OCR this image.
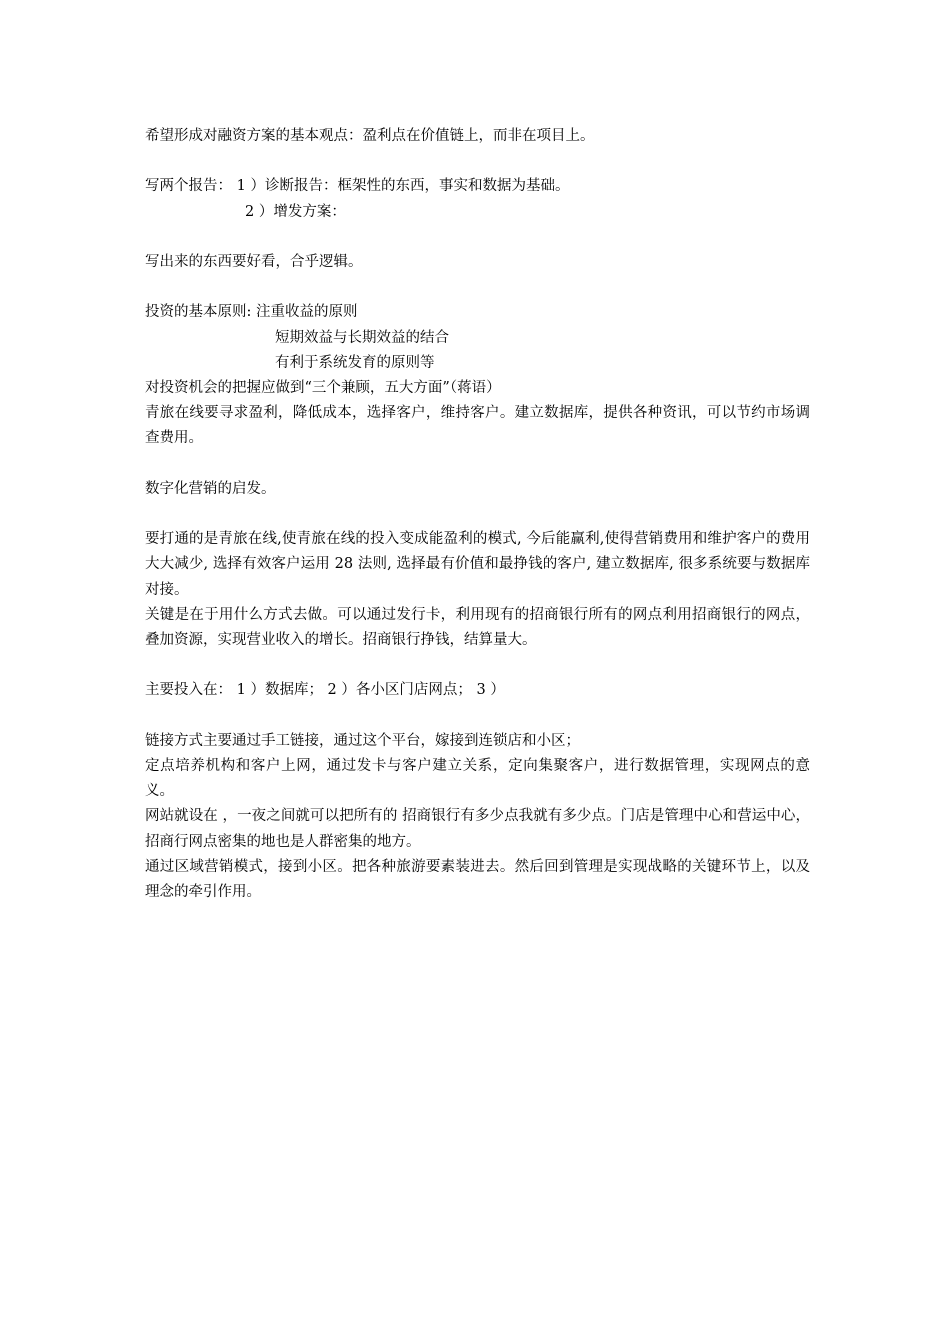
希望形成对融资方案的基本观点：盈利点在价值链上，而非在项目上。

写两个报告： 1 ）诊断报告：框架性的东西，事实和数据为基础。

2 ）增发方案：

写出来的东西要好看，合乎逻辑。

投资的基本原则: 注重收益的原则

短期效益与长期效益的结合

有利于系统发育的原则等

对投资机会的把握应做到“三个兼顾，五大方面”（蒋语）

青旅在线要寻求盈利，降低成本，选择客户，维持客户。建立数据库，提供各种资讯，可以节约市场调查费用。

数字化营销的启发。

要打通的是青旅在线,使青旅在线的投入变成能盈利的模式, 今后能赢利,使得营销费用和维护客户的费用大大减少, 选择有效客户运用 28 法则, 选择最有价值和最挣钱的客户, 建立数据库, 很多系统要与数据库对接。

关键是在于用什么方式去做。可以通过发行卡，利用现有的招商银行所有的网点利用招商银行的网点，叠加资源，实现营业收入的增长。招商银行挣钱，结算量大。

主要投入在： 1 ）数据库； 2 ）各小区门店网点； 3 ）

链接方式主要通过手工链接，通过这个平台，嫁接到连锁店和小区；

定点培养机构和客户上网，通过发卡与客户建立关系，定向集聚客户，进行数据管理，实现网点的意义。

网站就设在 ，一夜之间就可以把所有的 招商银行有多少点我就有多少点。门店是管理中心和营运中心，招商行网点密集的地也是人群密集的地方。

通过区域营销模式，接到小区。把各种旅游要素装进去。然后回到管理是实现战略的关键环节上，以及理念的牵引作用。
